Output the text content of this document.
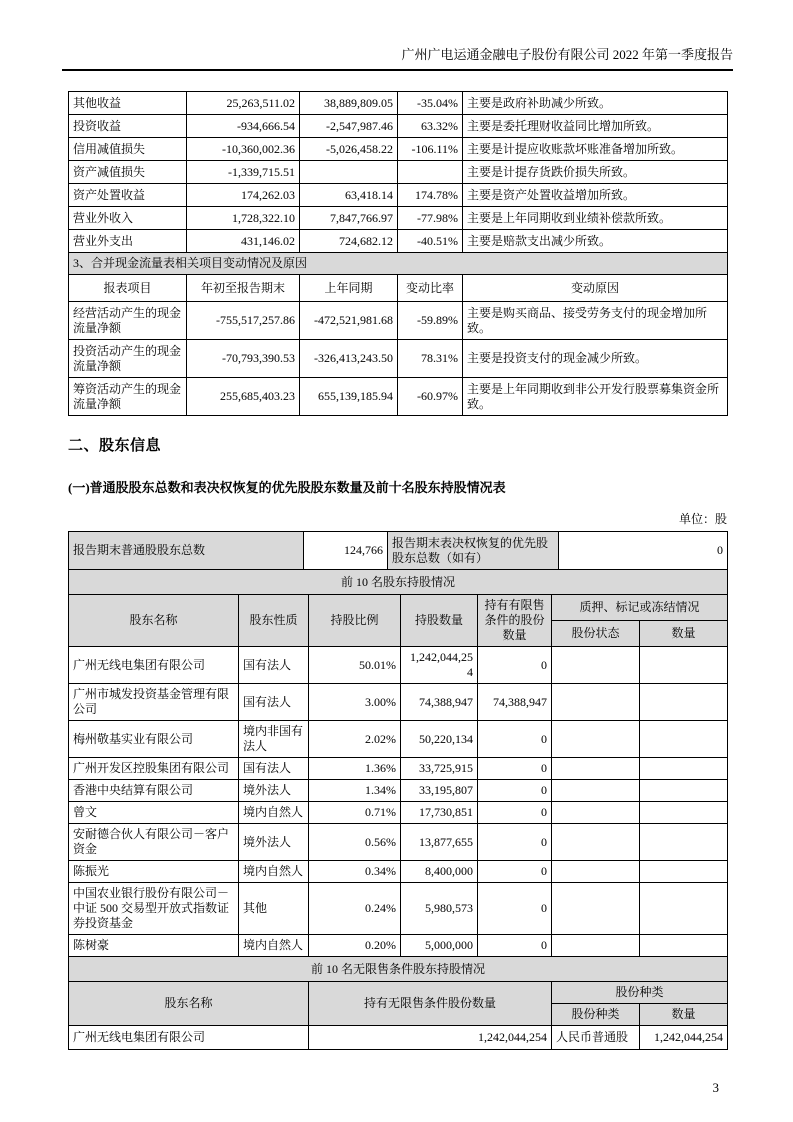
广州广电运通金融电子股份有限公司 2022 年第一季度报告
其他收益	25,263,511.02	38,889,809.05	-35.04%	主要是政府补助减少所致。
投资收益	-934,666.54	-2,547,987.46	63.32%	主要是委托理财收益同比增加所致。
信用减值损失	-10,360,002.36	-5,026,458.22	-106.11%	主要是计提应收账款坏账准备增加所致。
资产减值损失	-1,339,715.51			主要是计提存货跌价损失所致。
资产处置收益	174,262.03	63,418.14	174.78%	主要是资产处置收益增加所致。
营业外收入	1,728,322.10	7,847,766.97	-77.98%	主要是上年同期收到业绩补偿款所致。
营业外支出	431,146.02	724,682.12	-40.51%	主要是赔款支出减少所致。
3、合并现金流量表相关项目变动情况及原因				
报表项目	年初至报告期末	上年同期	变动比率	变动原因
经营活动产生的现金流量净额	-755,517,257.86	-472,521,981.68	-59.89%	主要是购买商品、接受劳务支付的现金增加所致。
投资活动产生的现金流量净额	-70,793,390.53	-326,413,243.50	78.31%	主要是投资支付的现金减少所致。
筹资活动产生的现金流量净额	255,685,403.23	655,139,185.94	-60.97%	主要是上年同期收到非公开发行股票募集资金所致。
二、股东信息
(一)普通股股东总数和表决权恢复的优先股股东数量及前十名股东持股情况表
单位：股
报告期末普通股股东总数	124,766	报告期末表决权恢复的优先股股东总数（如有）	0
前 10 名股东持股情况						
股东名称	股东性质	持股比例	持股数量	持有有限售条件的股份数量	质押、标记或冻结情况	
					股份状态	数量
广州无线电集团有限公司	国有法人	50.01%	1,242,044,254	0		
广州市城发投资基金管理有限公司	国有法人	3.00%	74,388,947	74,388,947		
梅州敬基实业有限公司	境内非国有法人	2.02%	50,220,134	0		
广州开发区控股集团有限公司	国有法人	1.36%	33,725,915	0		
香港中央结算有限公司	境外法人	1.34%	33,195,807	0		
曾文	境内自然人	0.71%	17,730,851	0		
安耐德合伙人有限公司－客户资金	境外法人	0.56%	13,877,655	0		
陈振光	境内自然人	0.34%	8,400,000	0		
中国农业银行股份有限公司－中证 500 交易型开放式指数证券投资基金	其他	0.24%	5,980,573	0		
陈树豪	境内自然人	0.20%	5,000,000	0		
前 10 名无限售条件股东持股情况			
股东名称	持有无限售条件股份数量	股份种类	
		股份种类	数量
广州无线电集团有限公司	1,242,044,254	人民币普通股	1,242,044,254
3
